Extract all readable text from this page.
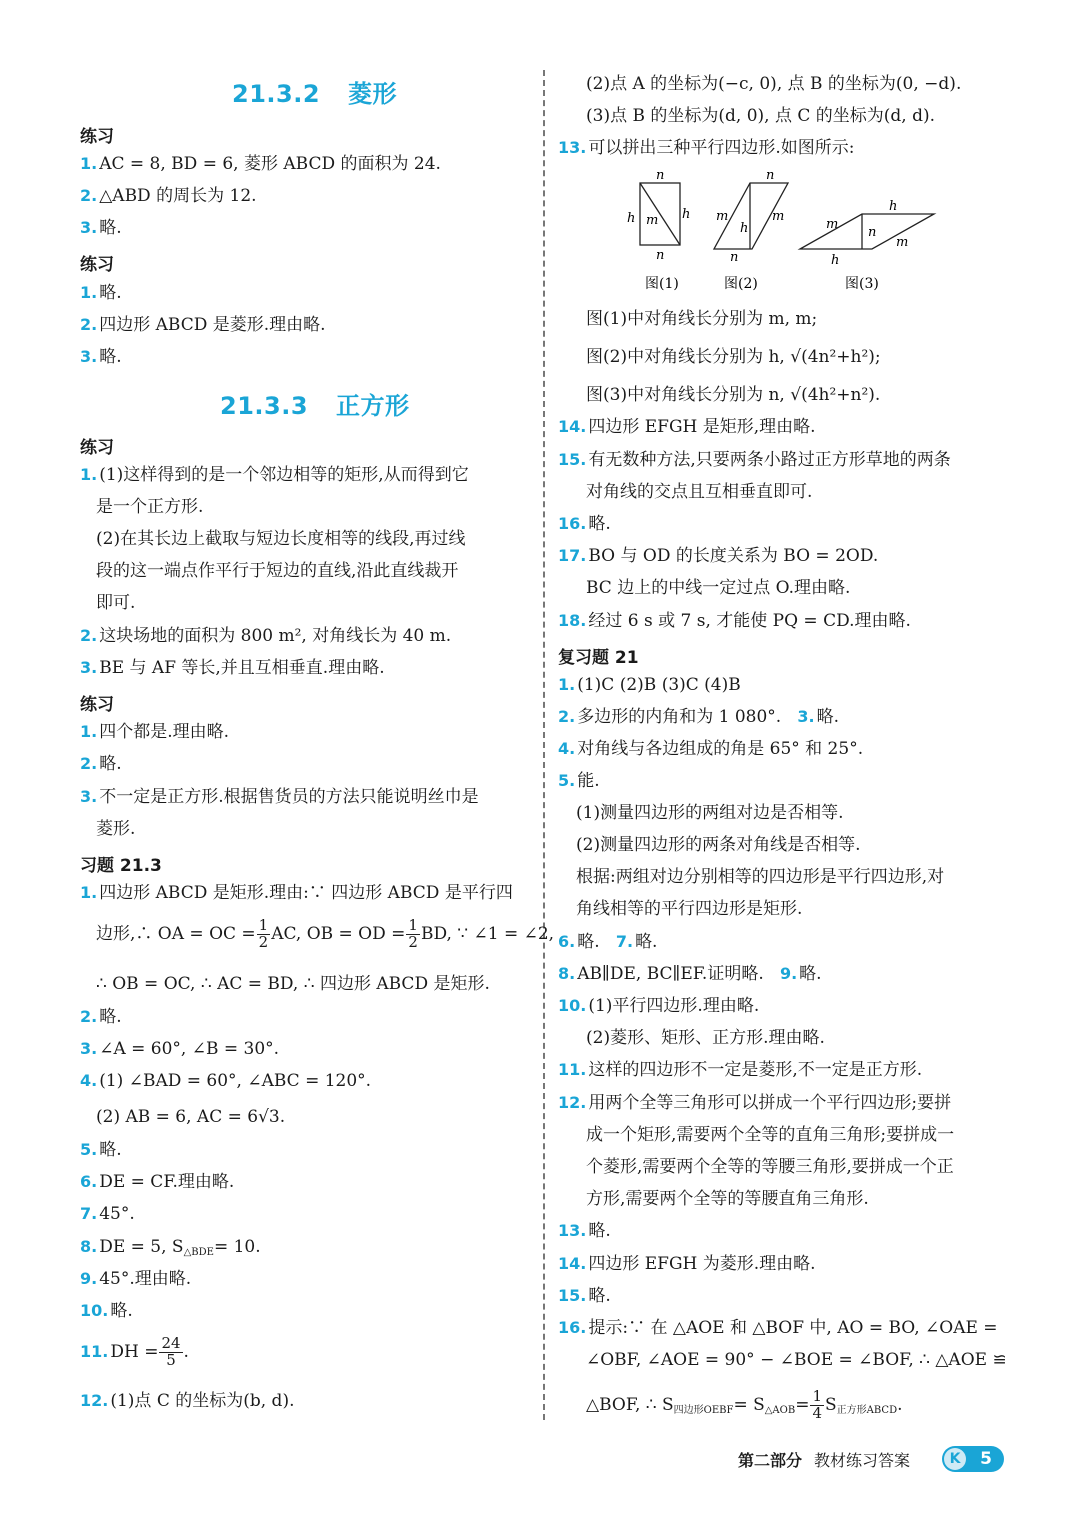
21.3.2 菱形
练习
1. AC = 8, BD = 6, 菱形 ABCD 的面积为 24.
2. △ABD 的周长为 12.
3. 略.
练习
1. 略.
2. 四边形 ABCD 是菱形.理由略.
3. 略.
21.3.3 正方形
练习
1. (1)这样得到的是一个邻边相等的矩形,从而得到它
是一个正方形.
(2)在其长边上截取与短边长度相等的线段,再过线
段的这一端点作平行于短边的直线,沿此直线裁开
即可.
2. 这块场地的面积为 800 m², 对角线长为 40 m.
3. BE 与 AF 等长,并且互相垂直.理由略.
练习
1. 四个都是.理由略.
2. 略.
3. 不一定是正方形.根据售货员的方法只能说明丝巾是
菱形.
习题 21.3
1. 四边形 ABCD 是矩形.理由:∵ 四边形 ABCD 是平行四
边形,∴ OA = OC = $\frac{1}{2}$ AC, OB = OD = $\frac{1}{2}$ BD, ∵ ∠1 = ∠2,
∴ OB = OC, ∴ AC = BD, ∴ 四边形 ABCD 是矩形.
2. 略.
3. ∠A = 60°, ∠B = 30°.
4. (1) ∠BAD = 60°, ∠ABC = 120°.
(2) AB = 6, AC = 6√3.
5. 略.
6. DE = CF.理由略.
7. 45°.
8. DE = 5, $S_{\triangle BDE}= 10$.
9. 45°.理由略.
10. 略.
11. DH = $\frac{24}{5}$ .
12. (1)点 C 的坐标为(b, d).
(2)点 A 的坐标为(−c, 0), 点 B 的坐标为(0, −d).
(3)点 B 的坐标为(d, 0), 点 C 的坐标为(d, d).
13. 可以拼出三种平行四边形.如图所示:
n
h m h
n
图(1)
n
m
h
m
n
图(2)
h
m
n
m
h
图(3)
图(1)中对角线长分别为 m, m;
图(2)中对角线长分别为 h, √(4n²+h²);
图(3)中对角线长分别为 n, √(4h²+n²).
14. 四边形 EFGH 是矩形,理由略.
15. 有无数种方法,只要两条小路过正方形草地的两条
对角线的交点且互相垂直即可.
16. 略.
17. BO 与 OD 的长度关系为 BO = 2OD.
BC 边上的中线一定过点 O.理由略.
18. 经过 6 s 或 7 s, 才能使 PQ = CD.理由略.
复习题 21
1. (1)C (2)B (3)C (4)B
2. 多边形的内角和为 1 080°. 3. 略.
4. 对角线与各边组成的角是 65° 和 25°.
5. 能.
(1)测量四边形的两组对边是否相等.
(2)测量四边形的两条对角线是否相等.
根据:两组对边分别相等的四边形是平行四边形,对
角线相等的平行四边形是矩形.
6. 略. 7. 略.
8. AB∥DE, BC∥EF.证明略. 9. 略.
10. (1)平行四边形.理由略.
(2)菱形、矩形、正方形.理由略.
11. 这样的四边形不一定是菱形,不一定是正方形.
12. 用两个全等三角形可以拼成一个平行四边形;要拼
成一个矩形,需要两个全等的直角三角形;要拼成一
个菱形,需要两个全等的等腰三角形,要拼成一个正
方形,需要两个全等的等腰直角三角形.
13. 略.
14. 四边形 EFGH 为菱形.理由略.
15. 略.
16. 提示:∵ 在 △AOE 和 △BOF 中, AO = BO, ∠OAE =
∠OBF, ∠AOE = 90° − ∠BOE = ∠BOF, ∴ △AOE ≌
△BOF, ∴ $S_{四边形OEBF}= S_{\triangle AOB}= \frac{1}{4} S_{正方形ABCD}$.
第二部分 教材练习答案	K	5
